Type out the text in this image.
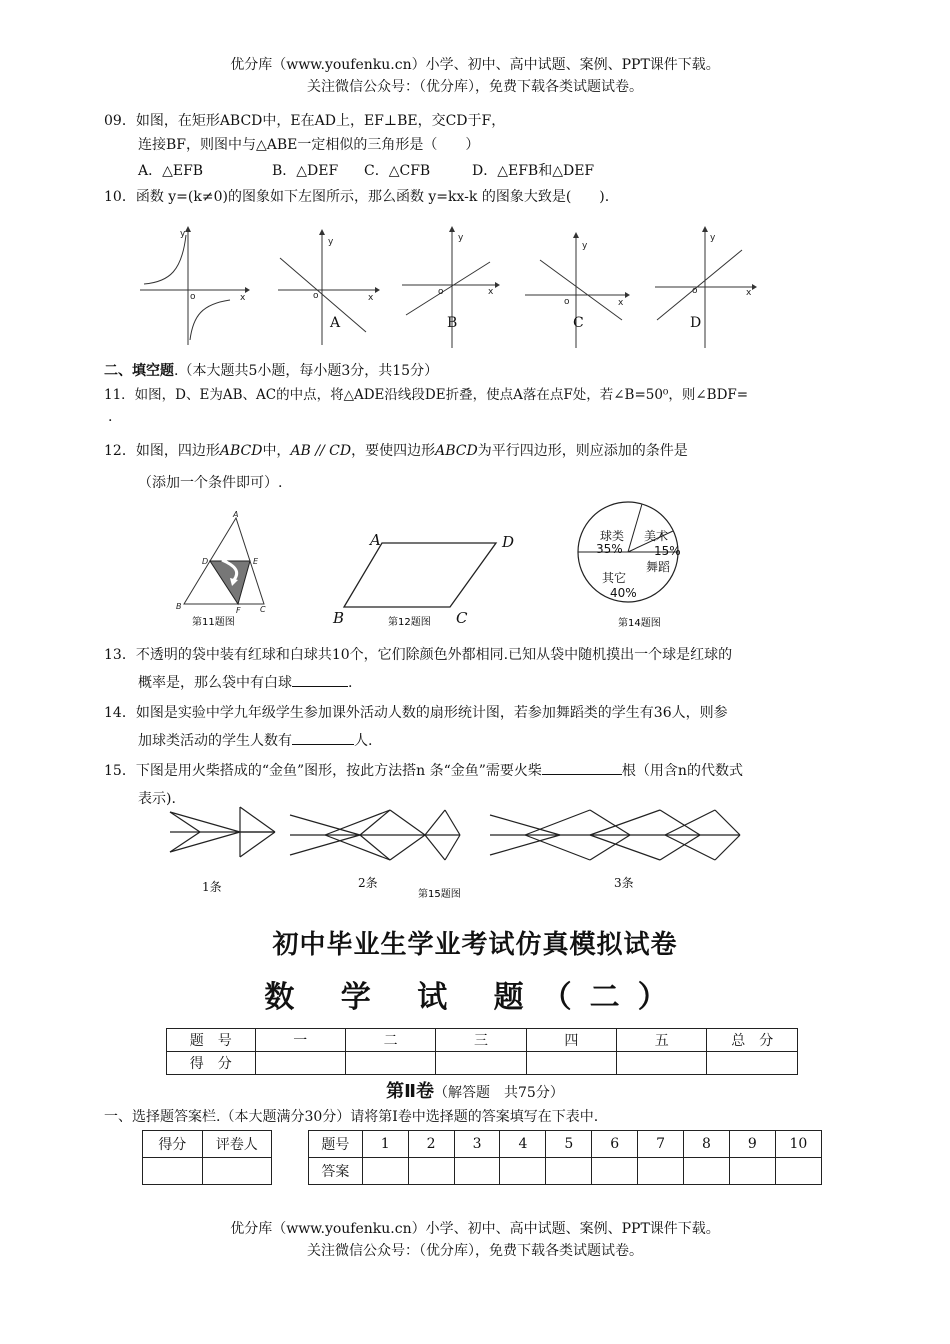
优分库（www.youfenku.cn）小学、初中、高中试题、案例、PPT课件下载。
关注微信公众号：（优分库），免费下载各类试题试卷。
09．如图，在矩形ABCD中，E在AD上，EF⊥BE，交CD于F，
连接BF，则图中与△ABE一定相似的三角形是（　　）
A．△EFB	B．△DEF C．△CFB	D．△EFB和△DEF
10．函数 y=(k≠0)的图象如下左图所示，那么函数 y=kx-k 的图象大致是(　　).
x
y
o	x
y
o	x
y
o
x
y
o
x
y
o
A	B	C	D
二、填空题.（本大题共5小题，每小题3分，共15分）
11．如图，D、E为AB、AC的中点，将△ADE沿线段DE折叠，使点A落在点F处，若∠B=50⁰，则∠BDF=
.
12．如图，四边形ABCD中，AB // CD，要使四边形ABCD为平行四边形，则应添加的条件是
（添加一个条件即可）.
A
B	C
D	E
F
第11题图
A	D
B	C
第12题图
球类
35%
美术
15%
舞蹈
其它
40%
第14题图
13．不透明的袋中装有红球和白球共10个，它们除颜色外都相同.已知从袋中随机摸出一个球是红球的
概率是，那么袋中有白球	.
14．如图是实验中学九年级学生参加课外活动人数的扇形统计图，若参加舞蹈类的学生有36人，则参
加球类活动的学生人数有	人.
15．下图是用火柴搭成的“金鱼”图形，按此方法搭n 条“金鱼”需要火柴	根（用含n的代数式
表示).
1条	2条	3条
第15题图
初中毕业生学业考试仿真模拟试卷
数 学 试 题（二）
题　号	一	二	三	四	五	总　分
得　分						
第Ⅱ卷（解答题　共75分）
一、选择题答案栏.（本大题满分30分）请将第Ⅰ卷中选择题的答案填写在下表中.
得分	评卷人
		题号	1	2	3	4	5	6	7	8	9	10
答案										
优分库（www.youfenku.cn）小学、初中、高中试题、案例、PPT课件下载。
关注微信公众号：（优分库），免费下载各类试题试卷。
